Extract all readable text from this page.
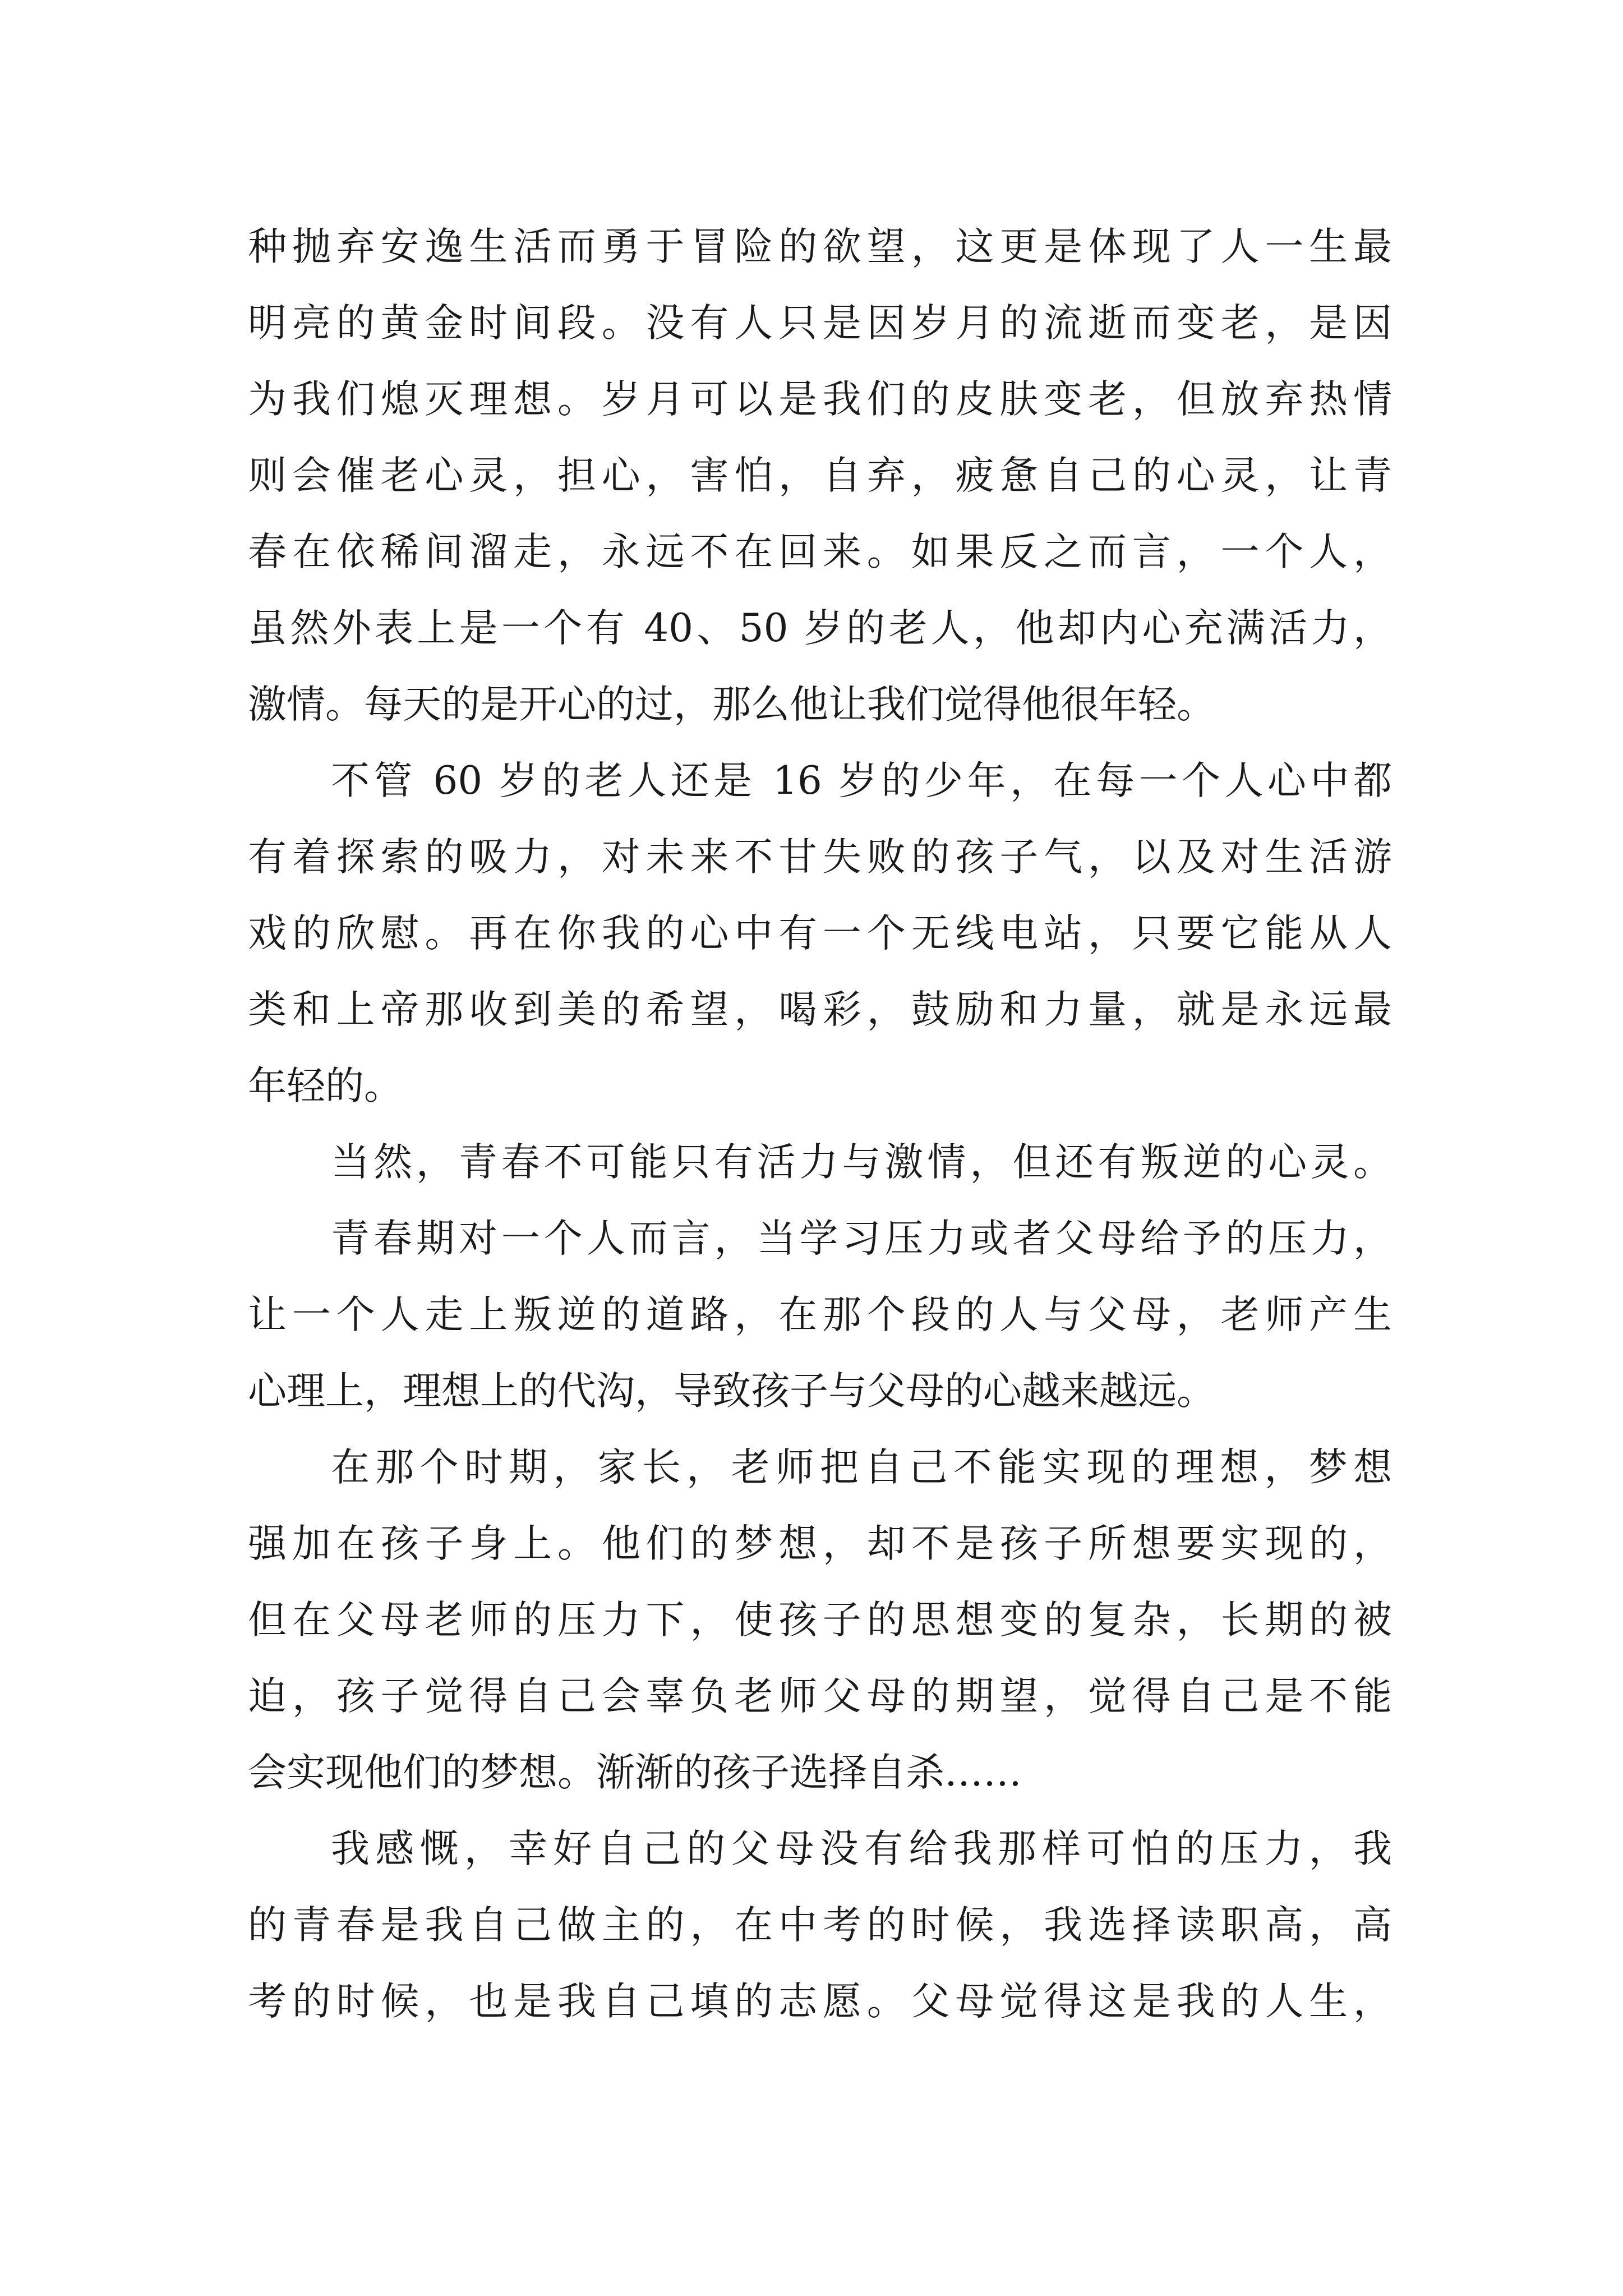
种抛弃安逸生活而勇于冒险的欲望，这更是体现了人一生最
明亮的黄金时间段。没有人只是因岁月的流逝而变老，是因
为我们熄灭理想。岁月可以是我们的皮肤变老，但放弃热情
则会催老心灵，担心，害怕，自弃，疲惫自己的心灵，让青
春在依稀间溜走，永远不在回来。如果反之而言，一个人，
虽然外表上是一个有 40、50 岁的老人，他却内心充满活力，
激情。每天的是开心的过，那么他让我们觉得他很年轻。
不管 60 岁的老人还是 16 岁的少年，在每一个人心中都
有着探索的吸力，对未来不甘失败的孩子气，以及对生活游
戏的欣慰。再在你我的心中有一个无线电站，只要它能从人
类和上帝那收到美的希望，喝彩，鼓励和力量，就是永远最
年轻的。
当然，青春不可能只有活力与激情，但还有叛逆的心灵。
青春期对一个人而言，当学习压力或者父母给予的压力，
让一个人走上叛逆的道路，在那个段的人与父母，老师产生
心理上，理想上的代沟，导致孩子与父母的心越来越远。
在那个时期，家长，老师把自己不能实现的理想，梦想
强加在孩子身上。他们的梦想，却不是孩子所想要实现的，
但在父母老师的压力下，使孩子的思想变的复杂，长期的被
迫，孩子觉得自己会辜负老师父母的期望，觉得自己是不能
会实现他们的梦想。渐渐的孩子选择自杀……
我感慨，幸好自己的父母没有给我那样可怕的压力，我
的青春是我自己做主的，在中考的时候，我选择读职高，高
考的时候，也是我自己填的志愿。父母觉得这是我的人生，
